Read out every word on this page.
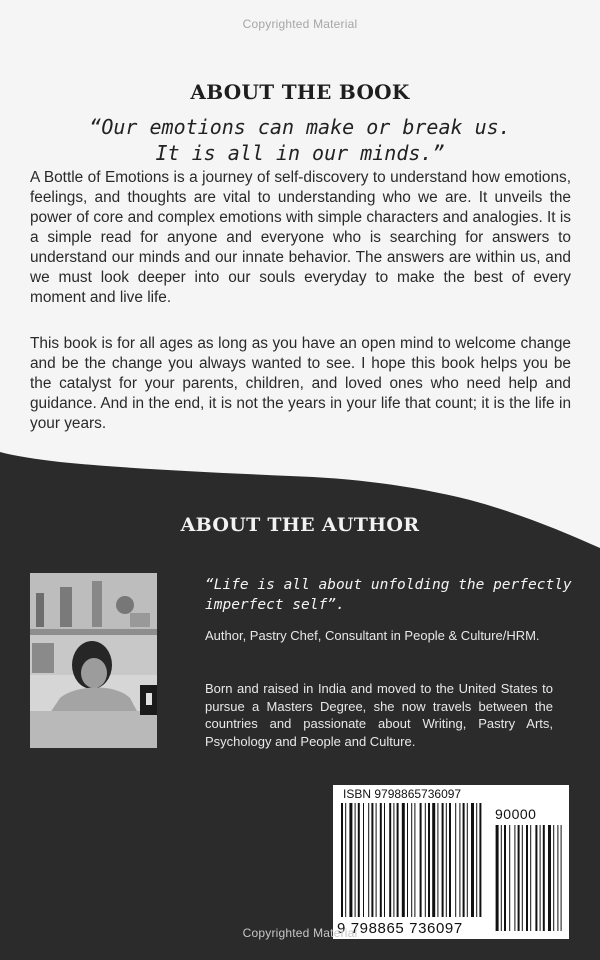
Copyrighted Material
ABOUT THE BOOK
“Our emotions can make or break us.
It is all in our minds.”
A Bottle of Emotions is a journey of self-discovery to understand how emotions, feelings, and thoughts are vital to understanding who we are. It unveils the power of core and complex emotions with simple characters and analogies. It is a simple read for anyone and everyone who is searching for answers to understand our minds and our innate behavior. The answers are within us, and we must look deeper into our souls everyday to make the best of every moment and live life.
This book is for all ages as long as you have an open mind to welcome change and be the change you always wanted to see. I hope this book helps you be the catalyst for your parents, children, and loved ones who need help and guidance. And in the end, it is not the years in your life that count; it is the life in your years.
ABOUT THE AUTHOR
“Life is all about unfolding the perfectly imperfect self”.
Author, Pastry Chef, Consultant in People & Culture/HRM.
Born and raised in India and moved to the United States to pursue a Masters Degree, she now travels between the countries and passionate about Writing, Pastry Arts, Psychology and People and Culture.
ISBN 9798865736097
90000
9 798865 736097
Copyrighted Material
